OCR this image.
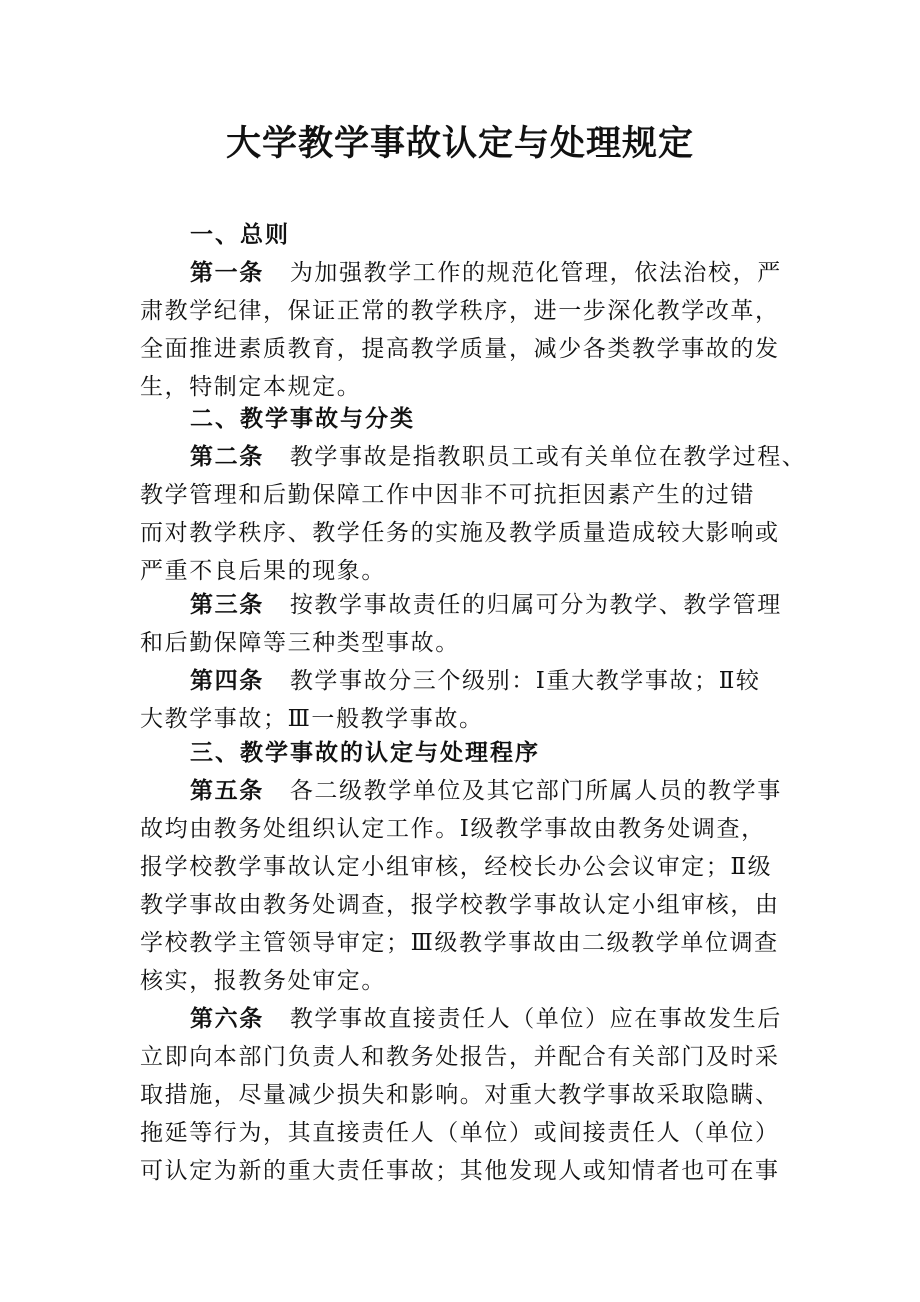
大学教学事故认定与处理规定
一、总则
第一条 为加强教学工作的规范化管理，依法治校，严
肃教学纪律，保证正常的教学秩序，进一步深化教学改革，
全面推进素质教育，提高教学质量，减少各类教学事故的发
生，特制定本规定。
二、教学事故与分类
第二条 教学事故是指教职员工或有关单位在教学过程、
教学管理和后勤保障工作中因非不可抗拒因素产生的过错
而对教学秩序、教学任务的实施及教学质量造成较大影响或
严重不良后果的现象。
第三条 按教学事故责任的归属可分为教学、教学管理
和后勤保障等三种类型事故。
第四条 教学事故分三个级别：Ⅰ重大教学事故；Ⅱ较
大教学事故；Ⅲ一般教学事故。
三、教学事故的认定与处理程序
第五条 各二级教学单位及其它部门所属人员的教学事
故均由教务处组织认定工作。Ⅰ级教学事故由教务处调查，
报学校教学事故认定小组审核，经校长办公会议审定；Ⅱ级
教学事故由教务处调查，报学校教学事故认定小组审核，由
学校教学主管领导审定；Ⅲ级教学事故由二级教学单位调查
核实，报教务处审定。
第六条 教学事故直接责任人（单位）应在事故发生后
立即向本部门负责人和教务处报告，并配合有关部门及时采
取措施，尽量减少损失和影响。对重大教学事故采取隐瞒、
拖延等行为，其直接责任人（单位）或间接责任人（单位）
可认定为新的重大责任事故；其他发现人或知情者也可在事
